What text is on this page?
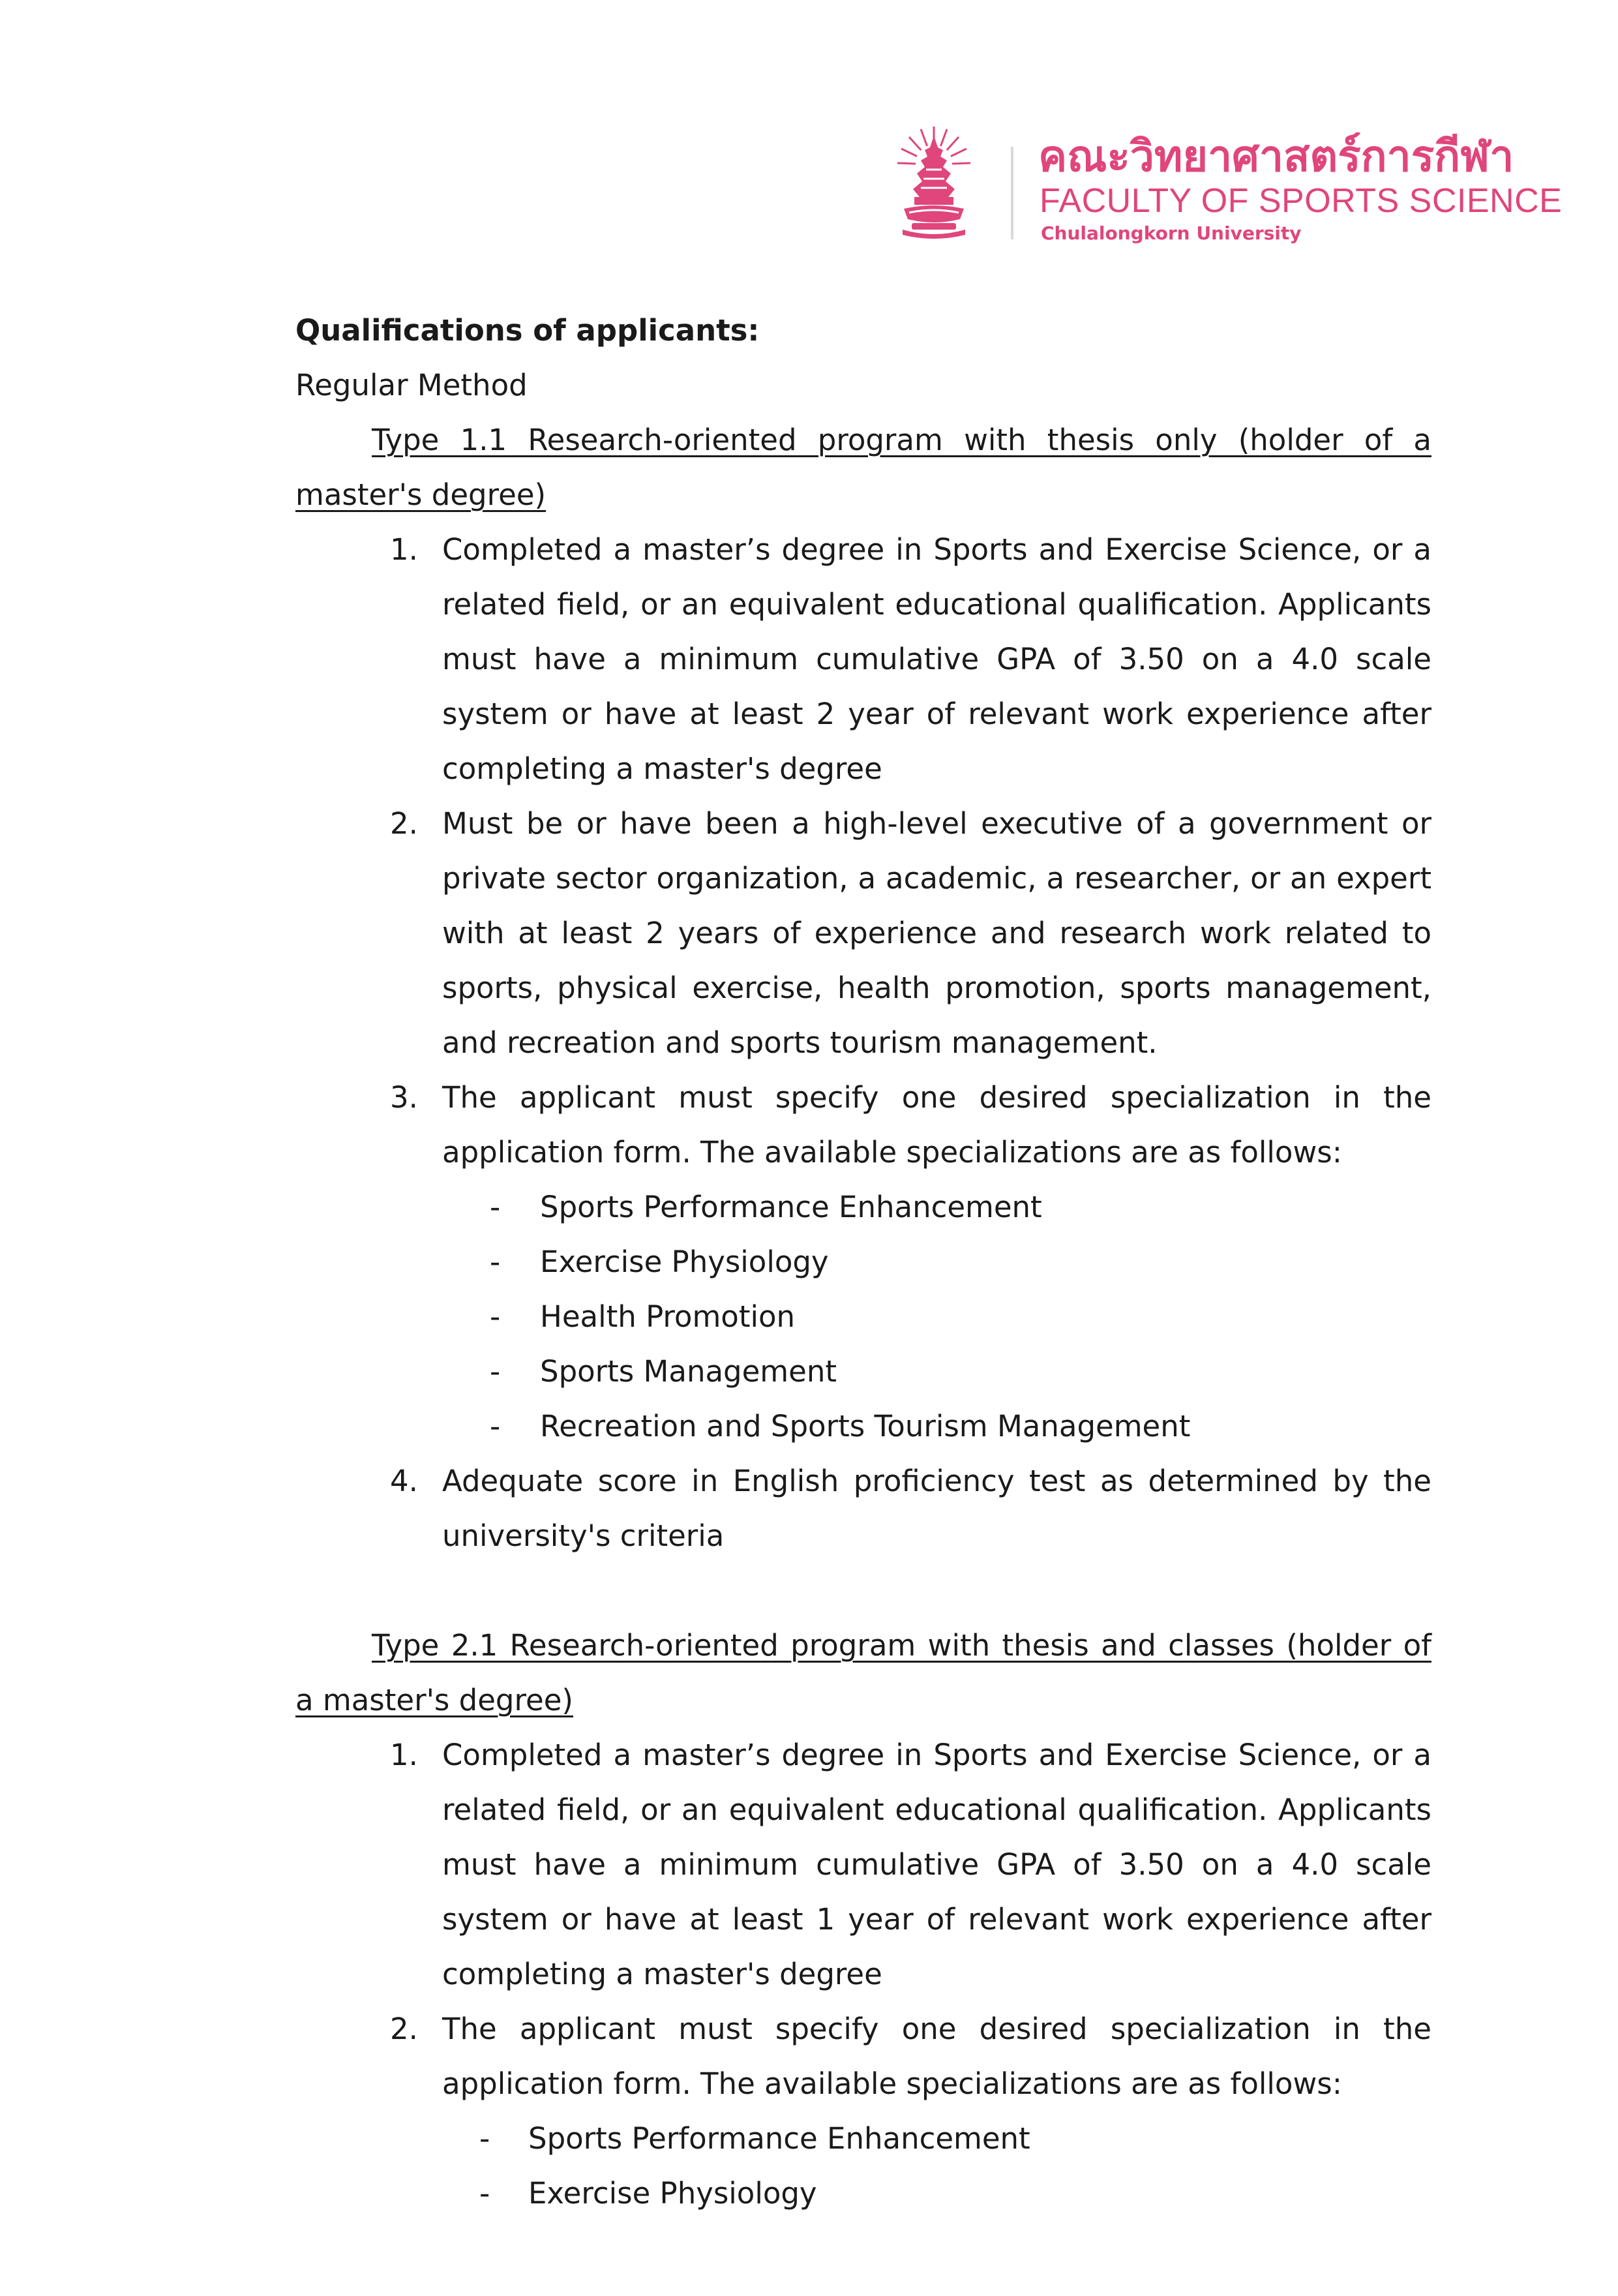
คณะวิทยาศาสตร์การกีฬา
FACULTY OF SPORTS SCIENCE
Chulalongkorn University
Qualifications of applicants:
Regular Method
Type 1.1 Research-oriented program with thesis only (holder of a master's degree)
1. Completed a master’s degree in Sports and Exercise Science, or a related field, or an equivalent educational qualification. Applicants must have a minimum cumulative GPA of 3.50 on a 4.0 scale system or have at least 2 year of relevant work experience after completing a master's degree
2. Must be or have been a high-level executive of a government or private sector organization, a academic, a researcher, or an expert with at least 2 years of experience and research work related to sports, physical exercise, health promotion, sports management, and recreation and sports tourism management.
3. The applicant must specify one desired specialization in the application form. The available specializations are as follows:
- Sports Performance Enhancement
- Exercise Physiology
- Health Promotion
- Sports Management
- Recreation and Sports Tourism Management
4. Adequate score in English proficiency test as determined by the university's criteria
Type 2.1 Research-oriented program with thesis and classes (holder of a master's degree)
1. Completed a master’s degree in Sports and Exercise Science, or a related field, or an equivalent educational qualification. Applicants must have a minimum cumulative GPA of 3.50 on a 4.0 scale system or have at least 1 year of relevant work experience after completing a master's degree
2. The applicant must specify one desired specialization in the application form. The available specializations are as follows:
- Sports Performance Enhancement
- Exercise Physiology
